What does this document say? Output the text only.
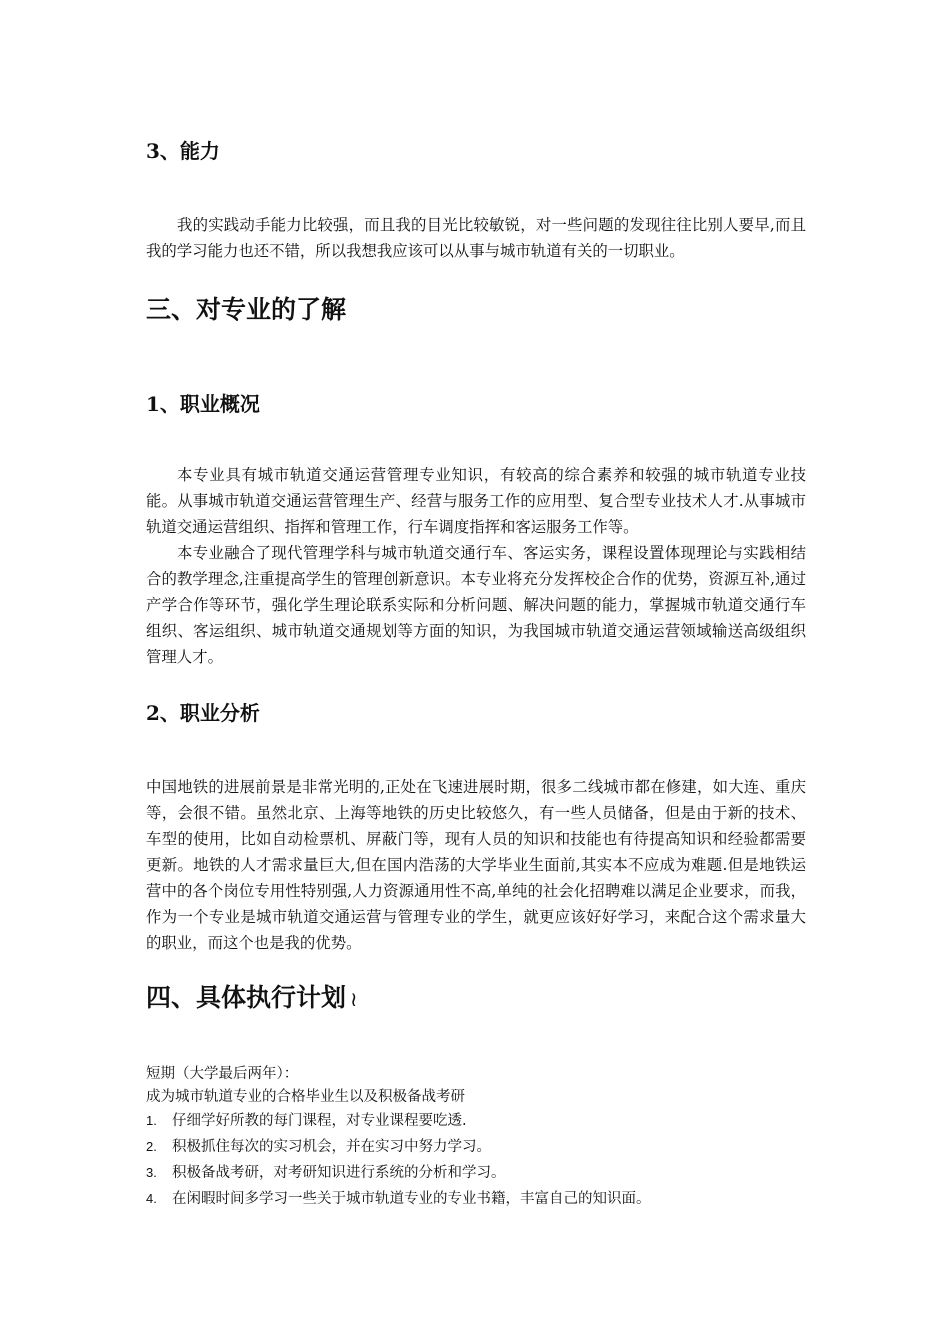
3、能力
我的实践动手能力比较强，而且我的目光比较敏锐，对一些问题的发现往往比别人要早,而且我的学习能力也还不错，所以我想我应该可以从事与城市轨道有关的一切职业。
三、对专业的了解
1、职业概况
本专业具有城市轨道交通运营管理专业知识，有较高的综合素养和较强的城市轨道专业技能。从事城市轨道交通运营管理生产、经营与服务工作的应用型、复合型专业技术人才.从事城市轨道交通运营组织、指挥和管理工作，行车调度指挥和客运服务工作等。
本专业融合了现代管理学科与城市轨道交通行车、客运实务，课程设置体现理论与实践相结合的教学理念,注重提高学生的管理创新意识。本专业将充分发挥校企合作的优势，资源互补,通过产学合作等环节，强化学生理论联系实际和分析问题、解决问题的能力，掌握城市轨道交通行车组织、客运组织、城市轨道交通规划等方面的知识，为我国城市轨道交通运营领域输送高级组织管理人才。
2、职业分析
中国地铁的进展前景是非常光明的,正处在飞速进展时期，很多二线城市都在修建，如大连、重庆等，会很不错。虽然北京、上海等地铁的历史比较悠久，有一些人员储备，但是由于新的技术、车型的使用，比如自动检票机、屏蔽门等，现有人员的知识和技能也有待提高知识和经验都需要更新。地铁的人才需求量巨大,但在国内浩荡的大学毕业生面前,其实本不应成为难题.但是地铁运营中的各个岗位专用性特别强,人力资源通用性不高,单纯的社会化招聘难以满足企业要求，而我，作为一个专业是城市轨道交通运营与管理专业的学生，就更应该好好学习，来配合这个需求量大的职业，而这个也是我的优势。
四、具体执行计划 ≀
短期（大学最后两年）：
成为城市轨道专业的合格毕业生以及积极备战考研
1. 仔细学好所教的每门课程，对专业课程要吃透.
2. 积极抓住每次的实习机会，并在实习中努力学习。
3. 积极备战考研，对考研知识进行系统的分析和学习。
4. 在闲暇时间多学习一些关于城市轨道专业的专业书籍，丰富自己的知识面。
